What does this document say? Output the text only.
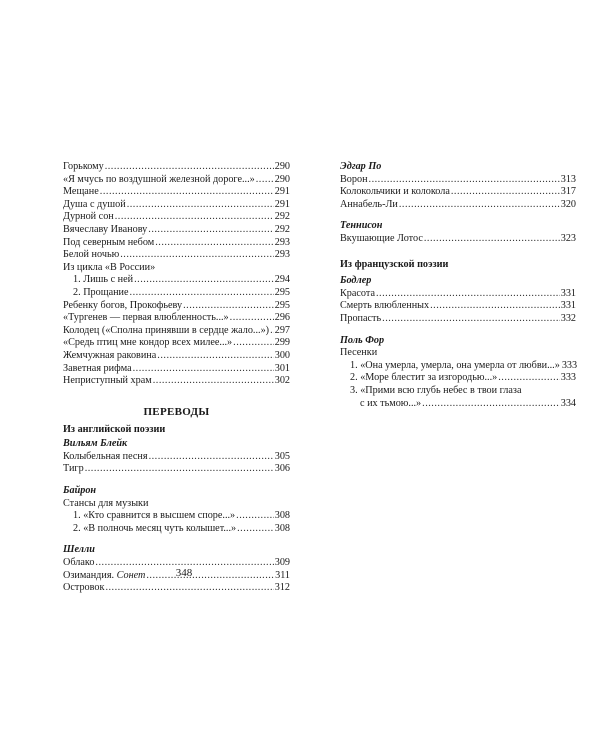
Горькому .....	290
«Я мчусь по воздушной железной дороге...» ..... 290
Мещане .....	291
Душа с душой .....	291
Дурной сон .....	292
Вячеславу Иванову .....	292
Под северным небом .....	293
Белой ночью .....	293
Из цикла «В России»
1. Лишь с ней .....	294
2. Прощание .....	295
Ребенку богов, Прокофьеву .....	295
«Тургенев — первая влюбленность...» .....	296
Колодец («Сполна принявши в сердце жало...») ..... 297
«Средь птиц мне кондор всех милее...» .....	299
Жемчужная раковина .....	300
Заветная рифма .....	301
Неприступный храм .....	302
ПЕРЕВОДЫ
Из английской поэзии
Вильям Блейк
Колыбельная песня .....	305
Тигр .....	306
Байрон
Стансы для музыки
1. «Кто сравнится в высшем споре...» .....	308
2. «В полночь месяц чуть колышет...» .....	308
Шелли
Облако .....	309
Озимандия. Сонет .....	311
Островок .....	312
348
Эдгар По
Ворон .....	313
Колокольчики и колокола .....	317
Аннабель-Ли .....	320
Теннисон
Вкушающие Лотос .....	323
Из французской поэзии
Бодлер
Красота .....	331
Смерть влюбленных .....	331
Пропасть .....	332
Поль Фор
Песенки
1. «Она умерла, умерла, она умерла от любви...» 333
2. «Море блестит за изгородью...» .....	333
3. «Прими всю глубь небес в твои глаза
с их тьмою...» .....	334
